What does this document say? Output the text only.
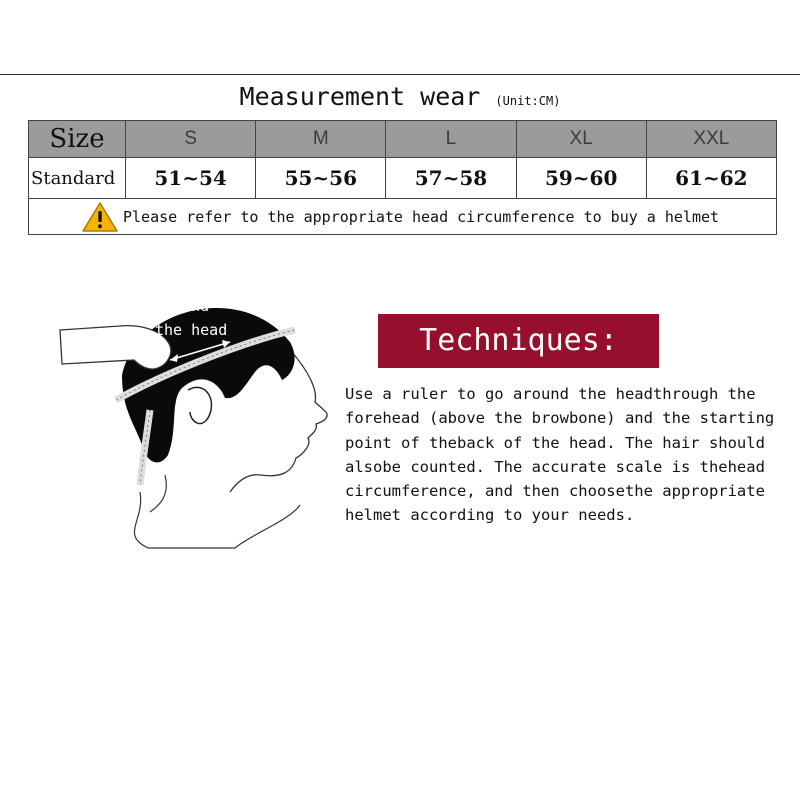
Measurement wear (Unit:CM)
Size	S	M	L	XL	XXL
Standard	51~54	55~56	57~58	59~60	61~62

Please refer to the appropriate head circumference to buy a helmet					
Around
the head	Techniques:
Use a ruler to go around the headthrough the
forehead (above the browbone) and the starting
point of theback of the head. The hair should
alsobe counted. The accurate scale is thehead
circumference, and then choosethe appropriate
helmet according to your needs.
